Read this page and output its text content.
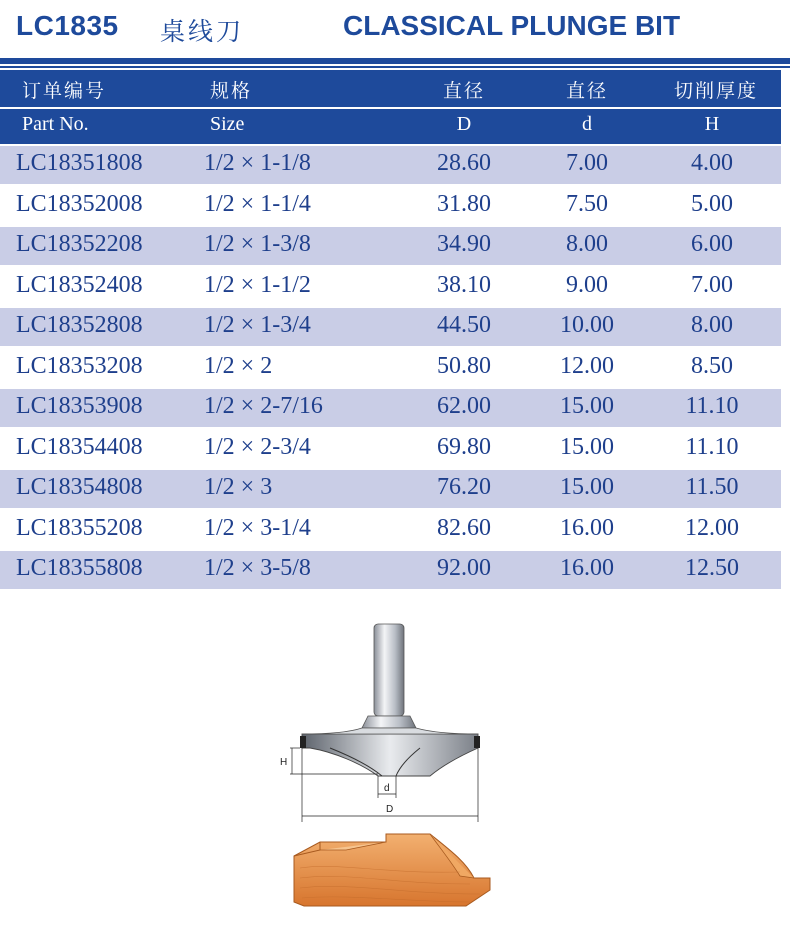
LC1835 桌线刀	CLASSICAL PLUNGE BIT
订单编号	规格	直径	直径	切削厚度
Part No.	Size	D	d	H
LC18351808	1/2 × 1-1/8	28.60	7.00	4.00
LC18352008	1/2 × 1-1/4	31.80	7.50	5.00
LC18352208	1/2 × 1-3/8	34.90	8.00	6.00
LC18352408	1/2 × 1-1/2	38.10	9.00	7.00
LC18352808	1/2 × 1-3/4	44.50	10.00	8.00
LC18353208	1/2 × 2	50.80	12.00	8.50
LC18353908	1/2 × 2-7/16	62.00	15.00	11.10
LC18354408	1/2 × 2-3/4	69.80	15.00	11.10
LC18354808	1/2 × 3	76.20	15.00	11.50
LC18355208	1/2 × 3-1/4	82.60	16.00	12.00
LC18355808	1/2 × 3-5/8	92.00	16.00	12.50
H
d
D
